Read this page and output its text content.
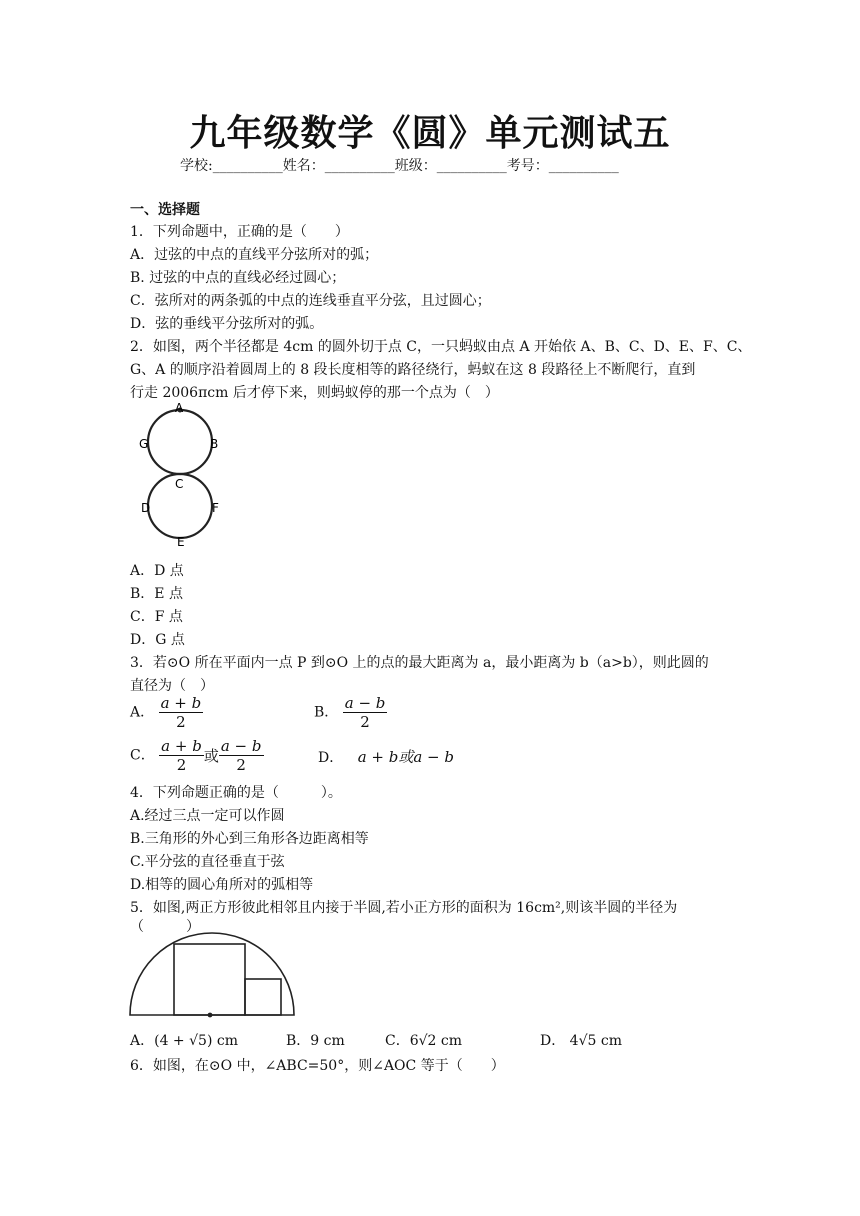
九年级数学《圆》单元测试五
学校:__________姓名：__________班级：__________考号：__________
一、选择题
1．下列命题中，正确的是（　　）
A．过弦的中点的直线平分弦所对的弧；
B. 过弦的中点的直线必经过圆心；
C．弦所对的两条弧的中点的连线垂直平分弦，且过圆心；
D．弦的垂线平分弦所对的弧。
2．如图，两个半径都是 4cm 的圆外切于点 C，一只蚂蚁由点 A 开始依 A、B、C、D、E、F、C、
G、A 的顺序沿着圆周上的 8 段长度相等的路径绕行，蚂蚁在这 8 段路径上不断爬行，直到
行走 2006πcm 后才停下来，则蚂蚁停的那一个点为（　）
A
B
G
C
D	F
E
A．D 点
B．E 点
C．F 点
D．G 点
3．若⊙O 所在平面内一点 P 到⊙O 上的点的最大距离为 a，最小距离为 b（a>b），则此圆的
直径为（　）
A． $\frac{a + b}{2}$	B． $\frac{a - b}{2}$
C． $\frac{a + b}{2}$ 或 $\frac{a - b}{2}$	D． a + b或a − b
4．下列命题正确的是（　　　）。
A.经过三点一定可以作圆
B.三角形的外心到三角形各边距离相等
C.平分弦的直径垂直于弦
D.相等的圆心角所对的弧相等
5．如图,两正方形彼此相邻且内接于半圆,若小正方形的面积为 16cm²,则该半圆的半径为
（　　　）
A．(4 + √5) cm	B．9 cm	C．6√2 cm	D． 4√5 cm
6．如图，在⊙O 中，∠ABC=50°，则∠AOC 等于（　　）
